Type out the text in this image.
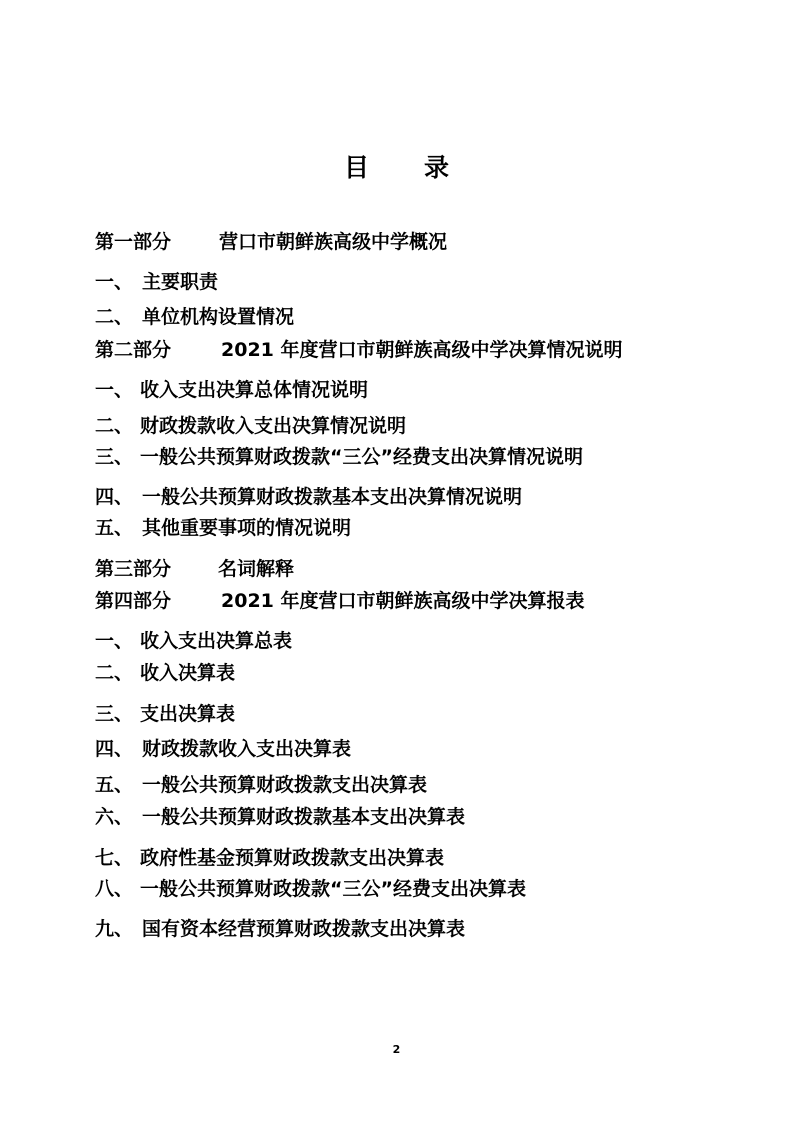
目 录
第一部分	营口市朝鲜族高级中学概况
一、 主要职责
二、 单位机构设置情况
第二部分	2021 年度营口市朝鲜族高级中学决算情况说明
一、 收入支出决算总体情况说明
二、 财政拨款收入支出决算情况说明
三、 一般公共预算财政拨款“三公”经费支出决算情况说明
四、 一般公共预算财政拨款基本支出决算情况说明
五、 其他重要事项的情况说明
第三部分 名词解释
第四部分	2021 年度营口市朝鲜族高级中学决算报表
一、 收入支出决算总表
二、 收入决算表
三、 支出决算表
四、 财政拨款收入支出决算表
五、 一般公共预算财政拨款支出决算表
六、 一般公共预算财政拨款基本支出决算表
七、 政府性基金预算财政拨款支出决算表
八、 一般公共预算财政拨款“三公”经费支出决算表
九、 国有资本经营预算财政拨款支出决算表
2
